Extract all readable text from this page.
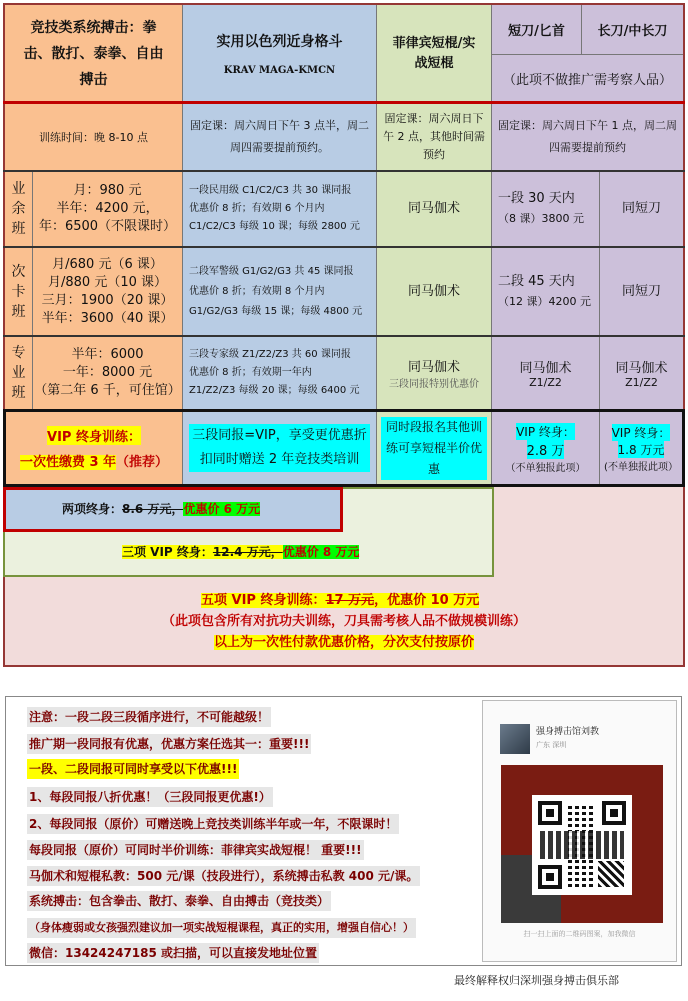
竞技类系统搏击：拳击、散打、泰拳、自由搏击
实用以色列近身格斗
KRAV MAGA-KMCN
菲律宾短棍/实战短棍
短刀/匕首	长刀/中长刀
（此项不做推广需考察人品）
训练时间：晚 8-10 点
固定课：周六周日下午 3 点半，周二周四需要提前预约。
固定课：周六周日下午 2 点，其他时间需预约
固定课：周六周日下午 1 点，周二周四需要提前预约
业余班
月：980 元
半年：4200 元，
年：6500（不限课时）
一段民用级 C1/C2/C3 共 30 课同报
优惠价 8 折；有效期 6 个月内
C1/C2/C3 每级 10 课；每级 2800 元
同马伽术
一段 30 天内
（8 课）3800 元
同短刀
次卡班
月/680 元（6 课）
月/880 元（10 课）
三月：1900（20 课）
半年：3600（40 课）
二段军警级 G1/G2/G3 共 45 课同报
优惠价 8 折；有效期 8 个月内
G1/G2/G3 每级 15 课；每级 4800 元
同马伽术
二段 45 天内
（12 课）4200 元
同短刀
专业班
半年：6000
一年：8000 元
（第二年 6 千，可住馆）
三段专家级 Z1/Z2/Z3 共 60 课同报
优惠价 8 折；有效期一年内
Z1/Z2/Z3 每级 20 课；每级 6400 元
同马伽术
三段同报特别优惠价
同马伽术
Z1/Z2
同马伽术
Z1/Z2
VIP 终身训练：
一次性缴费 3 年（推荐）
三段同报=VIP，享受更优惠折扣同时赠送 2 年竞技类培训
同时段报名其他训练可享短棍半价优惠
VIP 终身：
2.8 万
（不单独报此项）
VIP 终身：
1.8 万元
(不单独报此项）
两项终身：8.6 万元，优惠价 6 万元
三项 VIP 终身：12.4 万元，优惠价 8 万元
五项 VIP 终身训练：17 万元，优惠价 10 万元
（此项包含所有对抗功夫训练，刀具需考核人品不做规模训练）
以上为一次性付款优惠价格，分次支付按原价
注意：一段二段三段循序进行，不可能越级！
推广期一段同报有优惠，优惠方案任选其一：重要!!!
一段、二段同报可同时享受以下优惠!!!
1、每段同报八折优惠！（三段同报更优惠!）
2、每段同报（原价）可赠送晚上竞技类训练半年或一年，不限课时！
每段同报（原价）可同时半价训练：菲律宾实战短棍！ 重要!!!
马伽术和短棍私教：500 元/课（技段进行），系统搏击私教 400 元/课。
系统搏击：包含拳击、散打、泰拳、自由搏击（竞技类）
（身体瘦弱或女孩强烈建议加一项实战短棍课程，真正的实用，增强自信心！）
微信：13424247185 或扫描，可以直接发地址位置
强身搏击馆刘教
广东 深圳
扫一扫上面的二维码图案，加我微信
最终解释权归深圳强身搏击俱乐部
